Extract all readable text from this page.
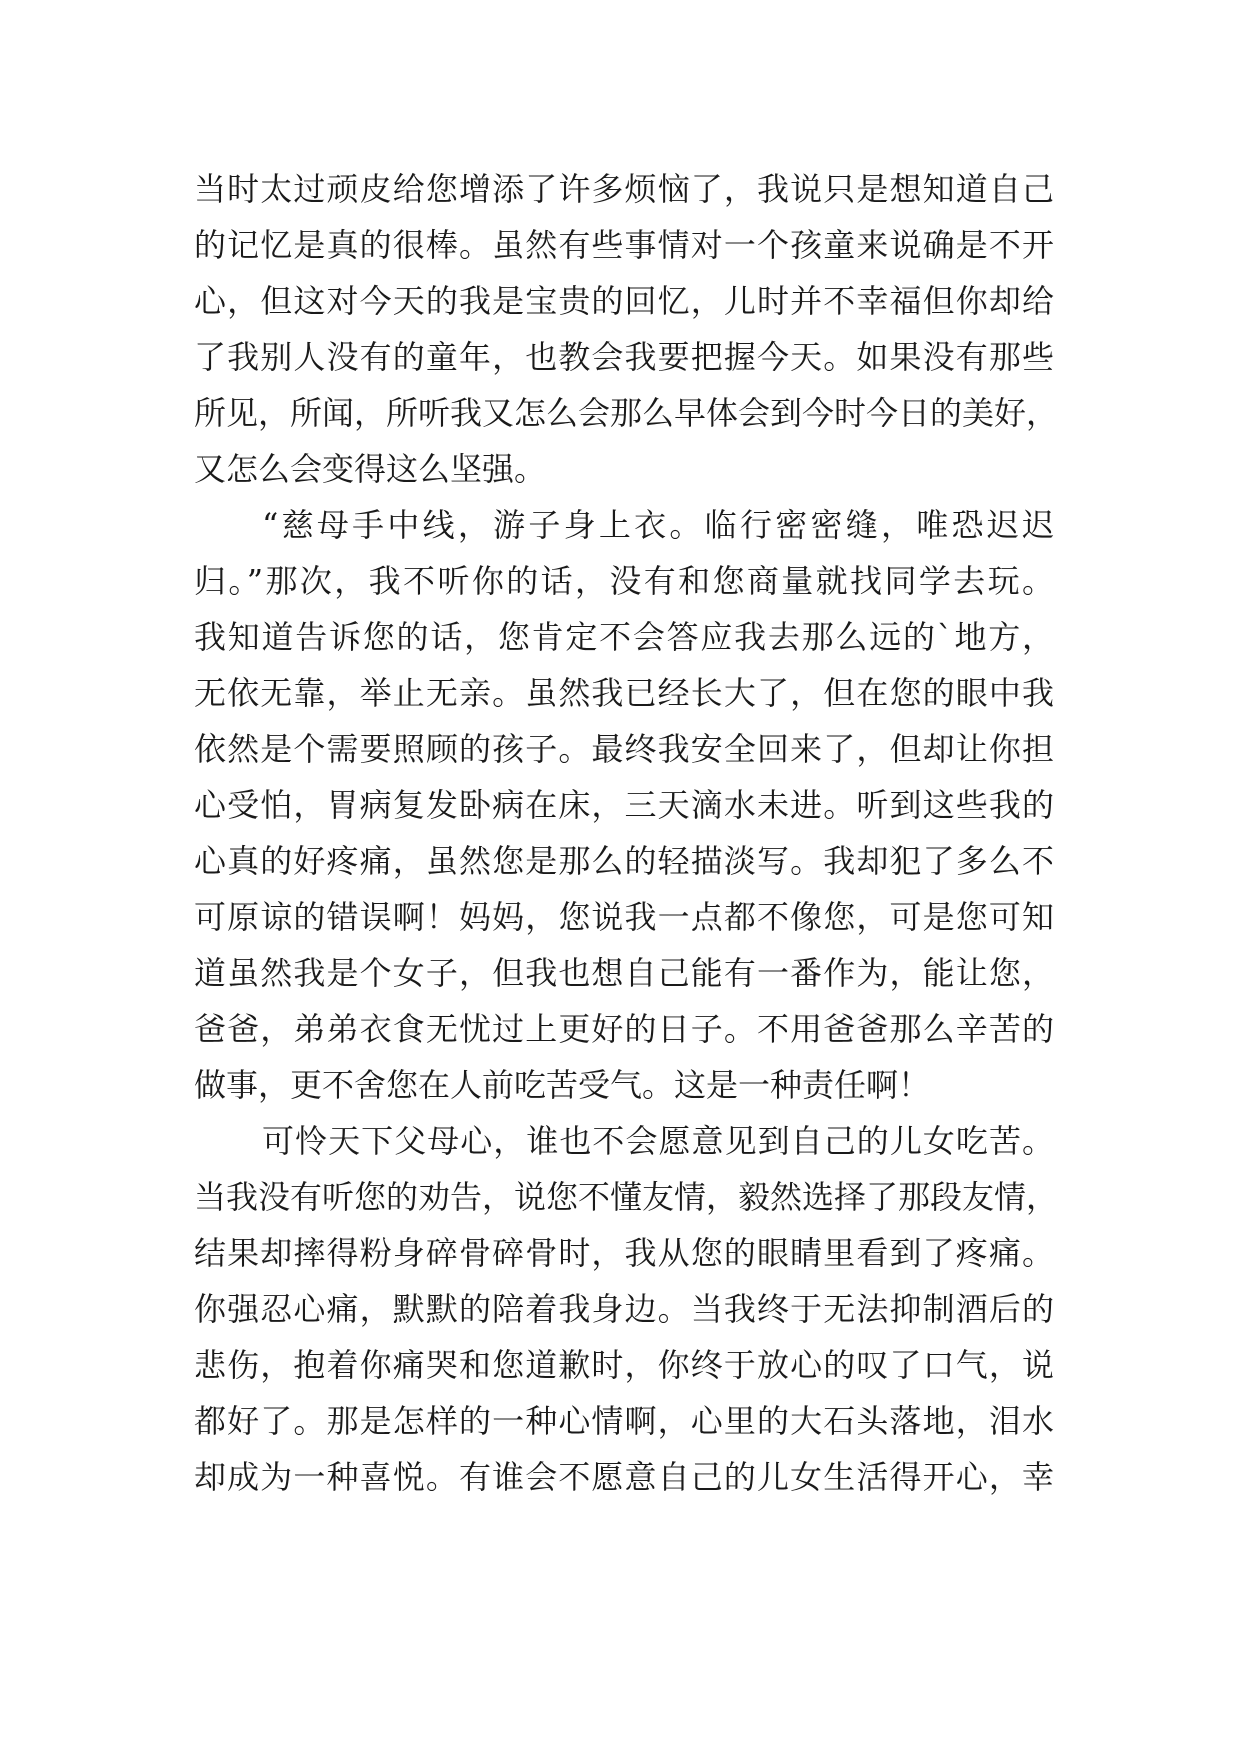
当时太过顽皮给您增添了许多烦恼了，我说只是想知道自己
的记忆是真的很棒。虽然有些事情对一个孩童来说确是不开
心，但这对今天的我是宝贵的回忆，儿时并不幸福但你却给
了我别人没有的童年，也教会我要把握今天。如果没有那些
所见，所闻，所听我又怎么会那么早体会到今时今日的美好，
又怎么会变得这么坚强。
“慈母手中线，游子身上衣。临行密密缝，唯恐迟迟
归。”那次，我不听你的话，没有和您商量就找同学去玩。
我知道告诉您的话，您肯定不会答应我去那么远的`地方，
无依无靠，举止无亲。虽然我已经长大了，但在您的眼中我
依然是个需要照顾的孩子。最终我安全回来了，但却让你担
心受怕，胃病复发卧病在床，三天滴水未进。听到这些我的
心真的好疼痛，虽然您是那么的轻描淡写。我却犯了多么不
可原谅的错误啊！妈妈，您说我一点都不像您，可是您可知
道虽然我是个女子，但我也想自己能有一番作为，能让您，
爸爸，弟弟衣食无忧过上更好的日子。不用爸爸那么辛苦的
做事，更不舍您在人前吃苦受气。这是一种责任啊！
可怜天下父母心，谁也不会愿意见到自己的儿女吃苦。
当我没有听您的劝告，说您不懂友情，毅然选择了那段友情，
结果却摔得粉身碎骨碎骨时，我从您的眼睛里看到了疼痛。
你强忍心痛，默默的陪着我身边。当我终于无法抑制酒后的
悲伤，抱着你痛哭和您道歉时，你终于放心的叹了口气，说
都好了。那是怎样的一种心情啊，心里的大石头落地，泪水
却成为一种喜悦。有谁会不愿意自己的儿女生活得开心，幸
